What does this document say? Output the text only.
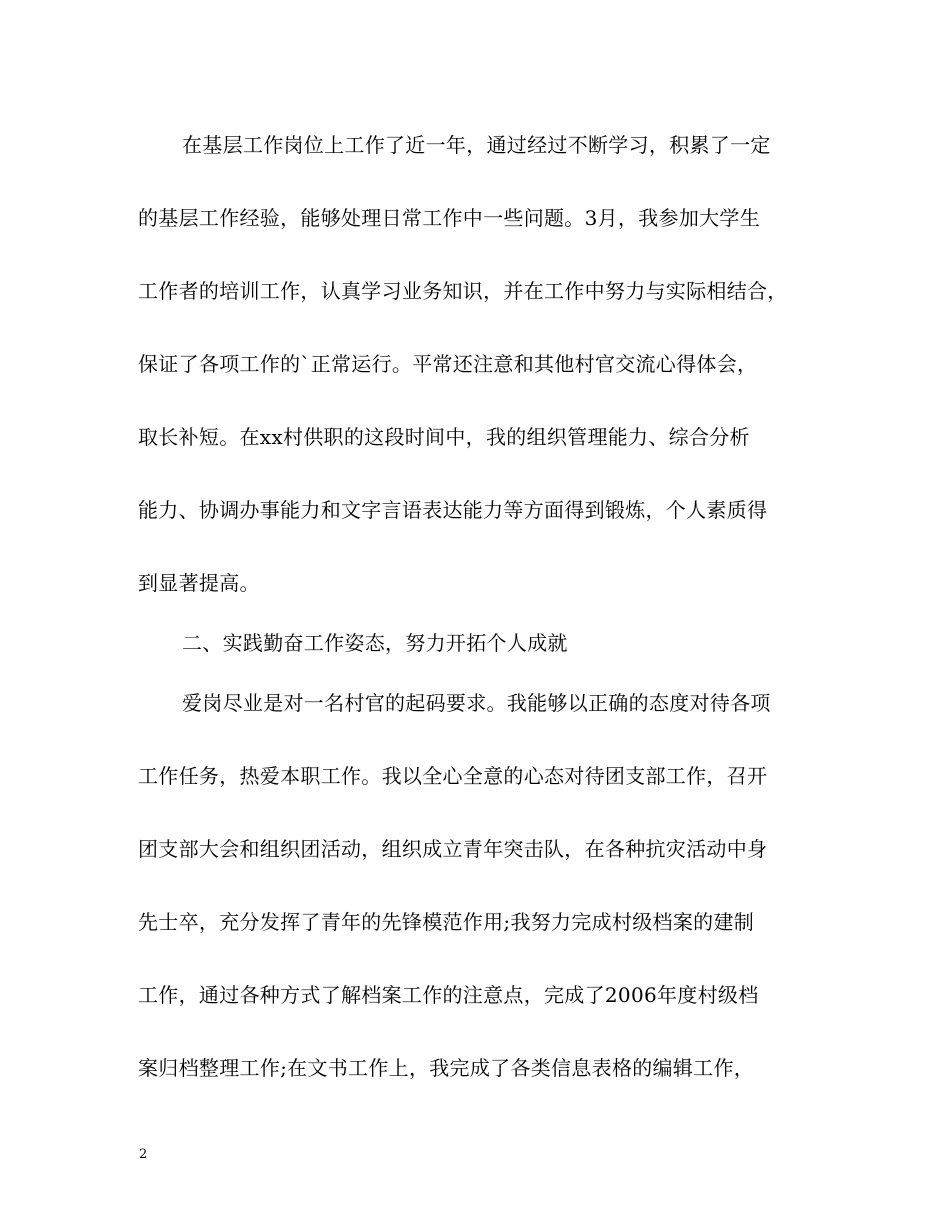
在基层工作岗位上工作了近一年，通过经过不断学习，积累了一定
的基层工作经验，能够处理日常工作中一些问题。3月，我参加大学生
工作者的培训工作，认真学习业务知识，并在工作中努力与实际相结合，
保证了各项工作的`正常运行。平常还注意和其他村官交流心得体会，
取长补短。在xx村供职的这段时间中，我的组织管理能力、综合分析
能力、协调办事能力和文字言语表达能力等方面得到锻炼，个人素质得
到显著提高。
二、实践勤奋工作姿态，努力开拓个人成就
爱岗尽业是对一名村官的起码要求。我能够以正确的态度对待各项
工作任务，热爱本职工作。我以全心全意的心态对待团支部工作，召开
团支部大会和组织团活动，组织成立青年突击队，在各种抗灾活动中身
先士卒，充分发挥了青年的先锋模范作用;我努力完成村级档案的建制
工作，通过各种方式了解档案工作的注意点，完成了2006年度村级档
案归档整理工作;在文书工作上，我完成了各类信息表格的编辑工作，
2
